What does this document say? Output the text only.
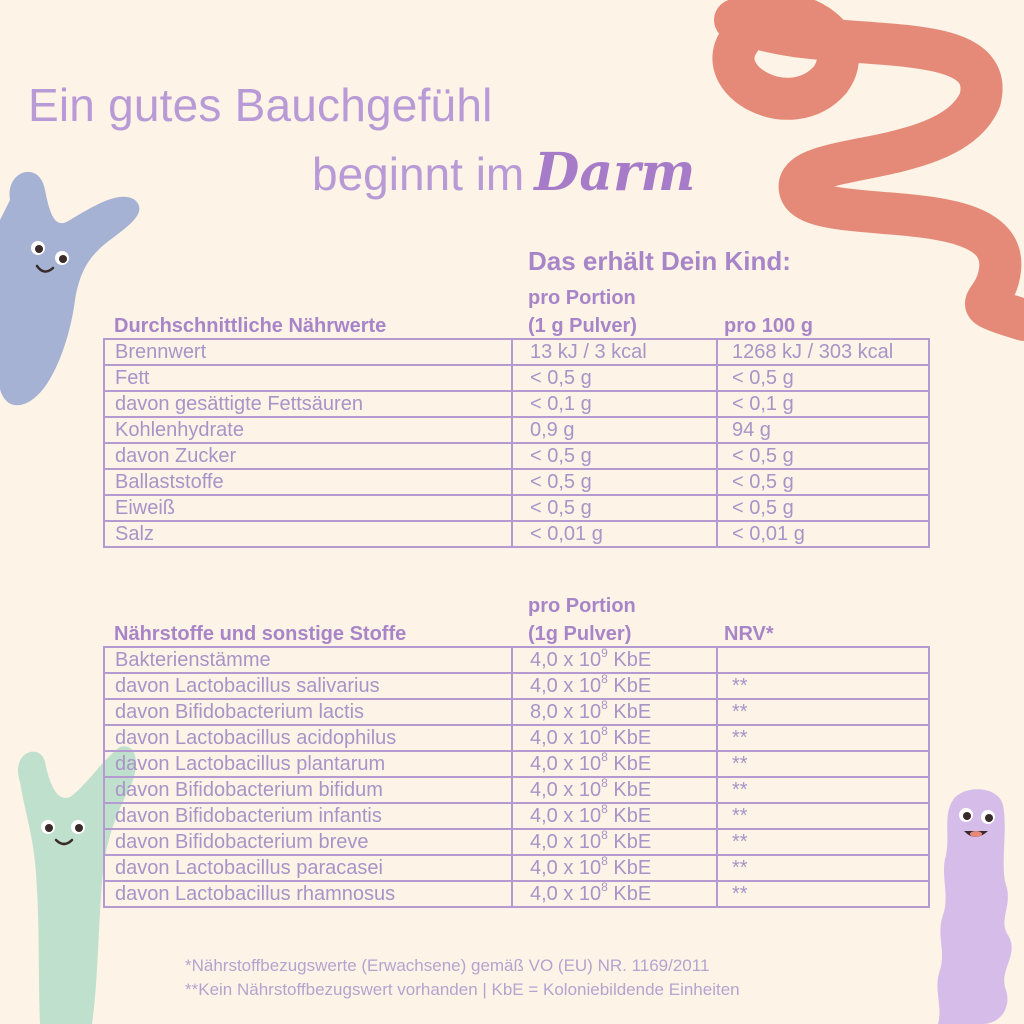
Ein gutes Bauchgefühl
beginnt im Darm
Das erhält Dein Kind:
Durchschnittliche Nährwerte
pro Portion
(1 g Pulver)	pro 100 g
Brennwert	13 kJ / 3 kcal	1268 kJ / 303 kcal
Fett	< 0,5 g	< 0,5 g
davon gesättigte Fettsäuren	< 0,1 g	< 0,1 g
Kohlenhydrate	0,9 g	94 g
davon Zucker	< 0,5 g	< 0,5 g
Ballaststoffe	< 0,5 g	< 0,5 g
Eiweiß	< 0,5 g	< 0,5 g
Salz	< 0,01 g	< 0,01 g
Nährstoffe und sonstige Stoffe
pro Portion
(1g Pulver)	NRV*
Bakterienstämme	4,0 x $10^9$ KbE	
davon Lactobacillus salivarius	4,0 x $10^8$ KbE	**
davon Bifidobacterium lactis	8,0 x $10^8$ KbE	**
davon Lactobacillus acidophilus	4,0 x $10^8$ KbE	**
davon Lactobacillus plantarum	4,0 x $10^8$ KbE	**
davon Bifidobacterium bifidum	4,0 x $10^8$ KbE	**
davon Bifidobacterium infantis	4,0 x $10^8$ KbE	**
davon Bifidobacterium breve	4,0 x $10^8$ KbE	**
davon Lactobacillus paracasei	4,0 x $10^8$ KbE	**
davon Lactobacillus rhamnosus	4,0 x $10^8$ KbE	**
*Nährstoffbezugswerte (Erwachsene) gemäß VO (EU) NR. 1169/2011
**Kein Nährstoffbezugswert vorhanden | KbE = Koloniebildende Einheiten
